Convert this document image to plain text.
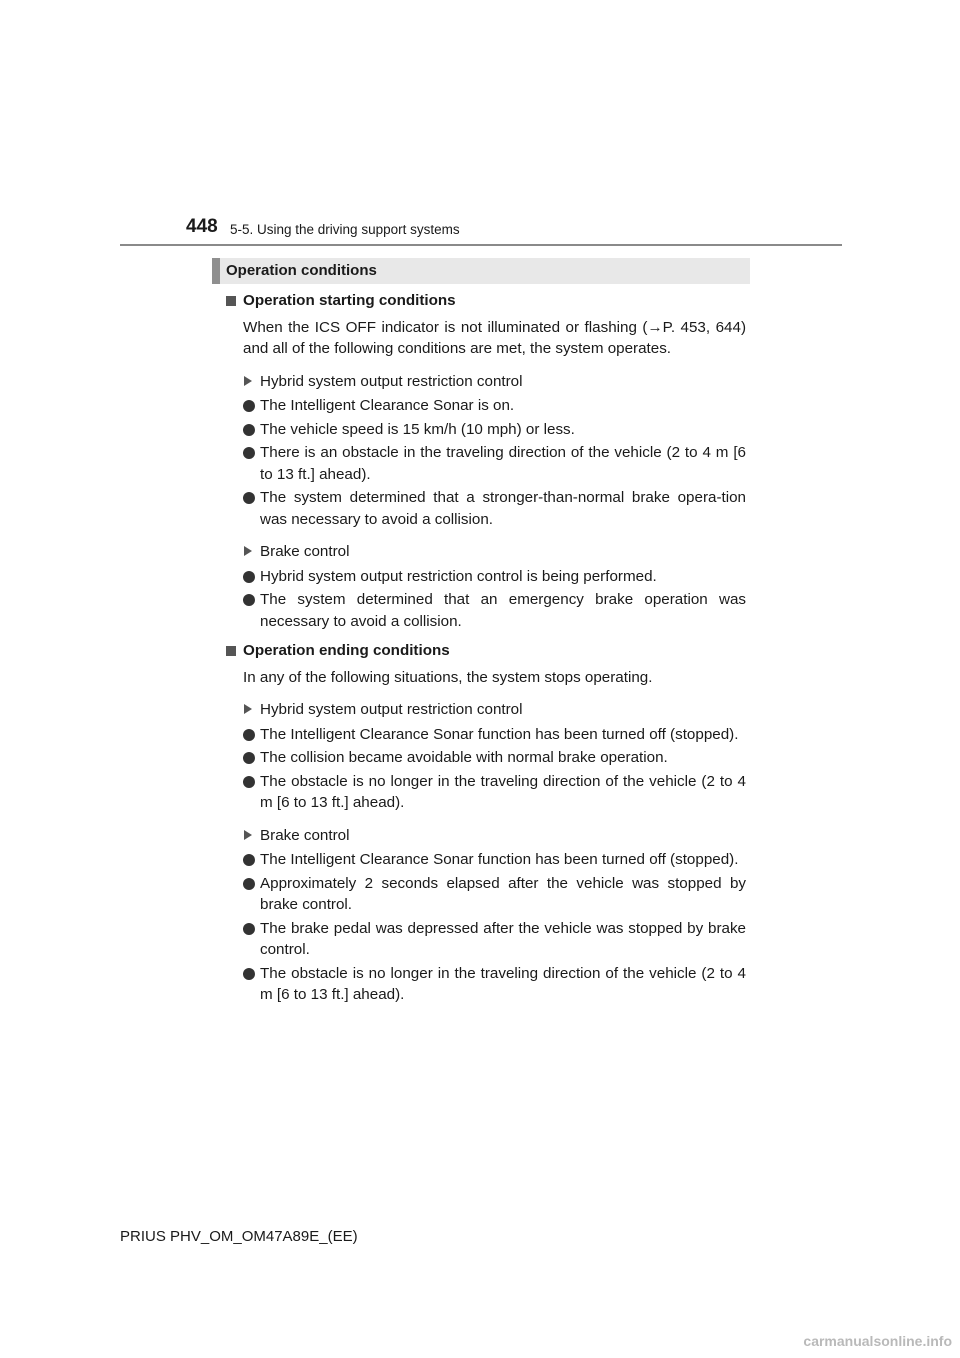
448 5-5. Using the driving support systems
Operation conditions
Operation starting conditions
When the ICS OFF indicator is not illuminated or flashing (→P. 453, 644) and all of the following conditions are met, the system operates.
Hybrid system output restriction control
The Intelligent Clearance Sonar is on.
The vehicle speed is 15 km/h (10 mph) or less.
There is an obstacle in the traveling direction of the vehicle (2 to 4 m [6 to 13 ft.] ahead).
The system determined that a stronger-than-normal brake opera-tion was necessary to avoid a collision.
Brake control
Hybrid system output restriction control is being performed.
The system determined that an emergency brake operation was necessary to avoid a collision.
Operation ending conditions
In any of the following situations, the system stops operating.
Hybrid system output restriction control
The Intelligent Clearance Sonar function has been turned off (stopped).
The collision became avoidable with normal brake operation.
The obstacle is no longer in the traveling direction of the vehicle (2 to 4 m [6 to 13 ft.] ahead).
Brake control
The Intelligent Clearance Sonar function has been turned off (stopped).
Approximately 2 seconds elapsed after the vehicle was stopped by brake control.
The brake pedal was depressed after the vehicle was stopped by brake control.
The obstacle is no longer in the traveling direction of the vehicle (2 to 4 m [6 to 13 ft.] ahead).
PRIUS PHV_OM_OM47A89E_(EE)
carmanualsonline.info
